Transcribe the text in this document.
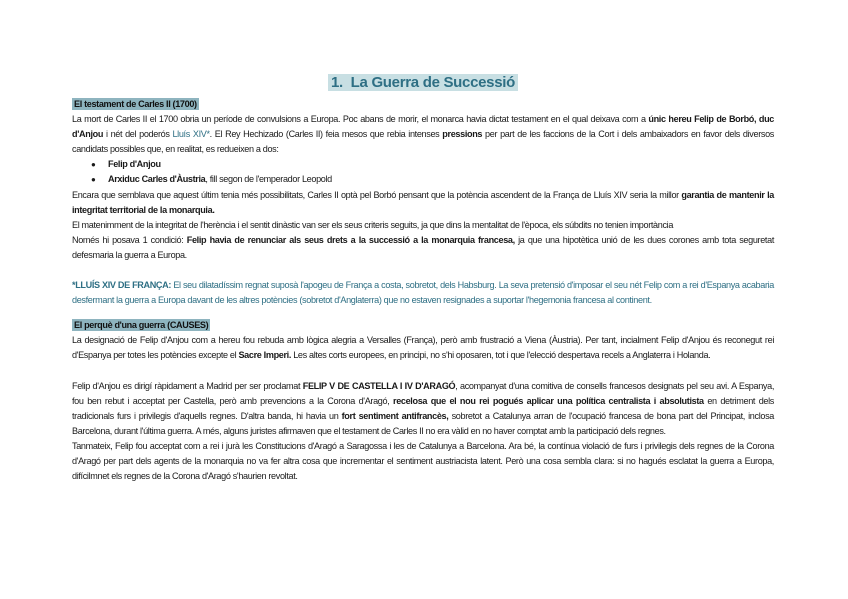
1. La Guerra de Successió
El testament de Carles II (1700)

La mort de Carles II el 1700 obria un període de convulsions a Europa. Poc abans de morir, el monarca havia dictat testament en el qual deixava com a únic hereu Felip de Borbó, duc d'Anjou i nét del poderós Lluís XIV*. El Rey Hechizado (Carles II) feia mesos que rebia intenses pressions per part de les faccions de la Cort i dels ambaixadors en favor dels diversos candidats possibles que, en realitat, es redueixen a dos:

● Felip d'Anjou
● Arxiduc Carles d'Àustria, fill segon de l'emperador Leopold

Encara que semblava que aquest últim tenia més possibilitats, Carles II optà pel Borbó pensant que la potència ascendent de la França de Lluís XIV seria la millor garantia de mantenir la integritat territorial de la monarquia.

El matenimment de la integritat de l'herència i el sentit dinàstic van ser els seus criteris seguits, ja que dins la mentalitat de l'època, els súbdits no tenien importància

Només hi posava 1 condició: Felip havia de renunciar als seus drets a la successió a la monarquia francesa, ja que una hipotètica unió de les dues corones amb tota seguretat defesmaria la guerra a Europa.

*LLUÍS XIV DE FRANÇA: El seu dilatadíssim regnat suposà l'apogeu de França a costa, sobretot, dels Habsburg. La seva pretensió d'imposar el seu nét Felip com a rei d'Espanya acabaria desfermant la guerra a Europa davant de les altres potències (sobretot d'Anglaterra) que no estaven resignades a suportar l'hegemonia francesa al continent.

El perquè d'una guerra (CAUSES)

La designació de Felip d'Anjou com a hereu fou rebuda amb lògica alegria a Versalles (França), però amb frustració a Viena (Àustria). Per tant, incialment Felip d'Anjou és reconegut rei d'Espanya per totes les potències excepte el Sacre Imperi. Les altes corts europees, en principi, no s'hi oposaren, tot i que l'elecció despertava recels a Anglaterra i Holanda.

Felip d'Anjou es dirigí ràpidament a Madrid per ser proclamat FELIP V DE CASTELLA I IV D'ARAGÓ, acompanyat d'una comitiva de consells francesos designats pel seu avi. A Espanya, fou ben rebut i acceptat per Castella, però amb prevencions a la Corona d'Aragó, recelosa que el nou rei pogués aplicar una política centralista i absolutista en detriment dels tradicionals furs i privilegis d'aquells regnes. D'altra banda, hi havia un fort sentiment antifrancès, sobretot a Catalunya arran de l'ocupació francesa de bona part del Principat, inclosa Barcelona, durant l'última guerra. A més, alguns juristes afirmaven que el testament de Carles II no era vàlid en no haver comptat amb la participació dels regnes.

Tanmateix, Felip fou acceptat com a rei i jurà les Constitucions d'Aragó a Saragossa i les de Catalunya a Barcelona. Ara bé, la contínua violació de furs i privilegis dels regnes de la Corona d'Aragó per part dels agents de la monarquia no va fer altra cosa que incrementar el sentiment austriacista latent. Però una cosa sembla clara: si no hagués esclatat la guerra a Europa, difícilmnet els regnes de la Corona d'Aragó s'haurien revoltat.
